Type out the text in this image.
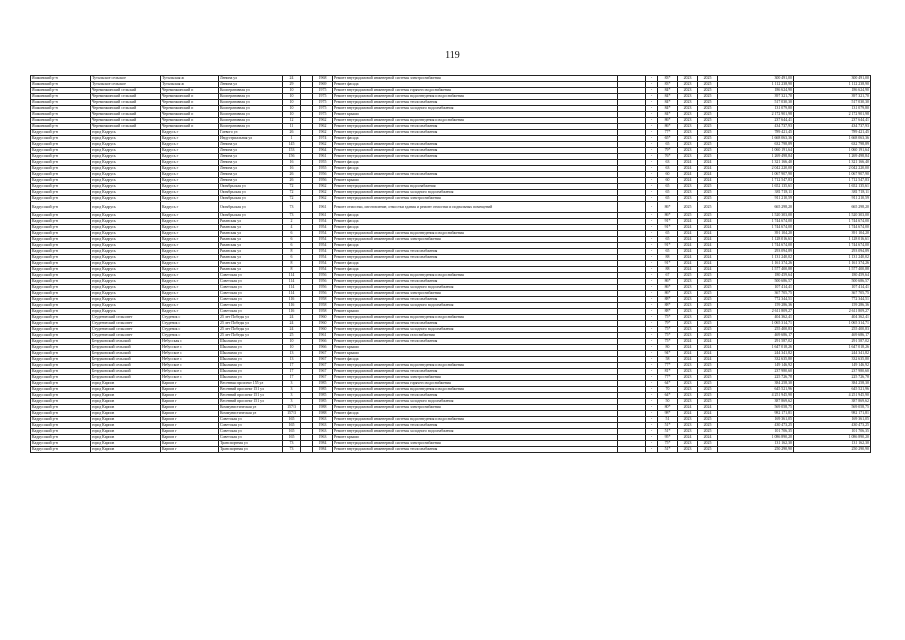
119
Яшкинский р-н	Тутальское сельское	Тутальская ж	Ленина ул	24		1968	Ремонт внутридомовой инженерной системы электроснабжения		-	83*	2023	2025	300 491,00	300 491,00
Яшкинский р-н	Тутальское сельское	Тутальская ж	Ленина ул	29		1969	Ремонт фасада		-	83*	2023	2025	1 112 238,90	1 112 238,90
Яшкинский р-н	Черемичкинский сельский	Черемичкинский п	Кооперативная ул	10		1975	Ремонт внутридомовой инженерной системы горячего водоснабжения		-	84*	2023	2025	186 624,90	186 624,90
Яшкинский р-н	Черемичкинский сельский	Черемичкинский п	Кооперативная ул	10		1975	Ремонт внутридомовой инженерной системы водоотведения и водоснабжения		-	84*	2023	2025	397 321,70	397 321,70
Яшкинский р-н	Черемичкинский сельский	Черемичкинский п	Кооперативная ул	10		1975	Ремонт внутридомовой инженерной системы теплоснабжения		-	84*	2023	2025	517 030,30	517 030,30
Яшкинский р-н	Черемичкинский сельский	Черемичкинский п	Кооперативная ул	10		1975	Ремонт внутридомовой инженерной системы холодного водоснабжения		-	84*	2023	2025	131 079,80	131 079,80
Яшкинский р-н	Черемичкинский сельский	Черемичкинский п	Кооперативная ул	10		1975	Ремонт крыши		-	84*	2023	2025	2 172 901,98	2 172 901,98
Яшкинский р-н	Черемичкинский сельский	Черемичкинский п	Кооперативная ул	12		1962	Ремонт внутридомовой инженерной системы водоотведения и водоснабжения		-	86*	2023	2025	237 644,41	237 644,41
Яшкинский р-н	Черемичкинский сельский	Черемичкинский п	Кооперативная ул	11		1962	Ремонт внутридомовой инженерной системы теплоснабжения		-	86*	2023	2025	434 737,93	434 737,93
Кадрусский р-н	город Кадрусь	Кадрусь г	Гаевого ул	26		1962	Ремонт внутридомовой инженерной системы теплоснабжения		-	77*	2023	2025	789 421,45	789 421,45
Кадрусский р-н	город Кадрусь	Кадрусь г	Индустриальная ул	1		1974	Ремонт фасада		-	65*	2023	2025	1 668 063,36	1 668 063,36
Кадрусский р-н	город Кадрусь	Кадрусь г	Ленина ул	145		1962	Ремонт внутридомовой инженерной системы теплоснабжения		-	65	2023	2025	632 798,89	632 798,89
Кадрусский р-н	город Кадрусь	Кадрусь г	Ленина ул	153		1964	Ремонт внутридомовой инженерной системы теплоснабжения		-	79*	2023	2025	1 060 191,64	1 060 191,64
Кадрусский р-н	город Кадрусь	Кадрусь г	Ленина ул	156		1961	Ремонт внутридомовой инженерной системы теплоснабжения		-	76*	2023	2025	1 269 498,84	1 269 498,84
Кадрусский р-н	город Кадрусь	Кадрусь г	Ленина ул	16		1955	Ремонт фасада		-	63	2024	2024	1 321 166,40	1 321 166,40
Кадрусский р-н	город Кадрусь	Кадрусь г	Ленина ул	16		1955	Ремонт фасада		-	63	2024	2024	2 042 220,00	2 042 220,00
Кадрусский р-н	город Кадрусь	Кадрусь г	Ленина ул	26		1956	Ремонт внутридомовой инженерной системы теплоснабжения		-	60	2024	2024	1 067 907,90	1 067 907,90
Кадрусский р-н	город Кадрусь	Кадрусь г	Ленина ул	26		1956	Ремонт крыши		-	60	2024	2024	1 712 547,83	1 712 547,83
Кадрусский р-н	город Кадрусь	Кадрусь г	Октябрьская ул	72		1962	Ремонт внутридомовой инженерной системы водоснабжения		-	65	2023	2025	1 652 135,61	1 652 135,61
Кадрусский р-н	город Кадрусь	Кадрусь г	Октябрьская ул	72		1962	Ремонт внутридомовой инженерной системы холодного водоснабжения		-	65	2023	2025	381 718,11	381 718,11
Кадрусский р-н	город Кадрусь	Кадрусь г	Октябрьская ул	72		1962	Ремонт внутридомовой инженерной системы электроснабжения		-	65	2023	2025	911 210,59	911 210,59
Кадрусский р-н	город Кадрусь	Кадрусь г	Октябрьская ул	73		1961	Ремонт отмостки, изготовление, отмостки здания и ремонт отмостки и подвальных помещений		-	86*	2025	2025	665 298,20	665 298,20
Кадрусский р-н	город Кадрусь	Кадрусь г	Октябрьская ул	73		1961	Ремонт фасада		-	86*	2025	2025	1 520 303,00	1 520 303,00
Кадрусский р-н	город Кадрусь	Кадрусь г	Рязанская ул	2		1954	Ремонт фасада		-	91*	2024	2024	1 744 674,00	1 744 674,00
Кадрусский р-н	город Кадрусь	Кадрусь г	Рязанская ул	4		1954	Ремонт фасада		-	91*	2024	2024	1 744 674,00	1 744 674,00
Кадрусский р-н	город Кадрусь	Кадрусь г	Рязанская ул	6		1954	Ремонт внутридомовой инженерной системы водоотведения и водоснабжения		-	65	2024	2024	391 104,20	391 104,20
Кадрусский р-н	город Кадрусь	Кадрусь г	Рязанская ул	6		1954	Ремонт внутридомовой инженерной системы электроснабжения		-	65	2024	2024	1 128 016,61	1 128 016,61
Кадрусский р-н	город Кадрусь	Кадрусь г	Рязанская ул	6		1954	Ремонт фасада		-	91*	2024	2024	1 744 674,00	1 744 674,00
Кадрусский р-н	город Кадрусь	Кадрусь г	Рязанская ул	8		1954	Ремонт внутридомовой инженерной системы теплоснабжения		-	65	2024	2024	293 094,89	293 094,89
Кадрусский р-н	город Кадрусь	Кадрусь г	Рязанская ул	6		1954	Ремонт внутридомовой инженерной системы теплоснабжения		-	88	2024	2024	1 131 240,02	1 131 240,02
Кадрусский р-н	город Кадрусь	Кадрусь г	Рязанская ул	8		1954	Ремонт фасада		-	91*	2024	2024	1 161 374,26	1 161 374,26
Кадрусский р-н	город Кадрусь	Кадрусь г	Рязанская ул	8		1954	Ремонт фасада		-	88	2024	2024	1 577 400,88	1 577 400,88
Кадрусский р-н	город Кадрусь	Кадрусь г	Советская ул	114		1956	Ремонт внутридомовой инженерной системы водоотведения и водоснабжения		-	67	2025	2025	180 459,64	180 459,64
Кадрусский р-н	город Кадрусь	Кадрусь г	Советская ул	114		1956	Ремонт внутридомовой инженерной системы теплоснабжения		-	86*	2023	2025	500 686,57	500 686,57
Кадрусский р-н	город Кадрусь	Кадрусь г	Советская ул	114		1956	Ремонт внутридомовой инженерной системы холодного водоснабжения		-	86*	2023	2025	107 414,41	107 414,41
Кадрусский р-н	город Кадрусь	Кадрусь г	Советская ул	114		1956	Ремонт внутридомовой инженерной системы электроснабжения		-	86*	2023	2025	367 705,75	367 705,75
Кадрусский р-н	город Кадрусь	Кадрусь г	Советская ул	116		1958	Ремонт внутридомовой инженерной системы теплоснабжения		-	88*	2023	2025	772 344,51	772 344,51
Кадрусский р-н	город Кадрусь	Кадрусь г	Советская ул	116		1958	Ремонт внутридомовой инженерной системы холодного водоснабжения		-	88*	2023	2025	159 286,36	159 286,36
Кадрусский р-н	город Кадрусь	Кадрусь г	Советская ул	116		1958	Ремонт крыши		-	88*	2023	2025	2 611 809,27	2 611 809,27
Кадрусский р-н	Студенческий сельсовет	Студенок с	25 лет Победы ул	24		1960	Ремонт внутридомовой инженерной системы водоотведения и водоснабжения		-	75*	2023	2025	404 362,41	404 362,41
Кадрусский р-н	Студенческий сельсовет	Студенок с	25 лет Победы ул	24		1960	Ремонт внутридомовой инженерной системы теплоснабжения		-	79*	2023	2025	1 065 314,71	1 065 314,71
Кадрусский р-н	Студенческий сельсовет	Студенок с	25 лет Победы ул	24		1960	Ремонт внутридомовой инженерной системы холодного водоснабжения		-	75*	2023	2025	255 400,83	255 400,83
Кадрусский р-н	Студенческий сельсовет	Студенок с	25 лет Победы ул	25		1961	Ремонт внутридомовой инженерной системы газоснабжения		-	75*	2023	2025	469 686,17	469 686,17
Кадрусский р-н	Безруковский сельский	Небусская с	Школьная ул	10		1966	Ремонт внутридомовой инженерной системы теплоснабжения		-	75*	2024	2024	291 587,02	291 587,02
Кадрусский р-н	Безруковский сельский	Небусское с	Школьная ул	10		1966	Ремонт крыши		-	80	2024	2024	1 647 018,26	1 647 018,26
Кадрусский р-н	Безруковский сельский	Небусское с	Школьная ул	13		1967	Ремонт крыши		-	94*	2024	2024	244 341,82	244 341,82
Кадрусский р-н	Безруковский сельский	Небусское с	Школьная ул	13		1967	Ремонт фасада		-	58	2024	2024	332 635,80	332 635,80
Кадрусский р-н	Безруковский сельский	Небусское с	Школьная ул	17		1967	Ремонт внутридомовой инженерной системы водоотведения и водоснабжения		-	77*	2023	2025	149 146,92	149 146,92
Кадрусский р-н	Безруковский сельский	Небусское с	Школьная ул	17		1967	Ремонт внутридомовой инженерной системы теплоснабжения		-	81*	2023	2025	237 980,60	237 980,60
Кадрусский р-н	Безруковский сельский	Небусское с	Школьная ул	17		1967	Ремонт внутридомовой инженерной системы электроснабжения		-	77*	2023	2025	225 726,78	225 726,78
Кадрусский р-н	город Карпов	Карпов г	Весенняя проспект 155 ул	3		1985	Ремонт внутридомовой инженерной системы горячего водоснабжения		-	64*	2023	2025	384 258,30	384 258,30
Кадрусский р-н	город Карпов	Карпов г	Весенний проспект 151 ул	3		1985	Ремонт внутридомовой инженерной системы водоотведения и водоснабжения		-	70	2023	2025	645 521,96	645 521,96
Кадрусский р-н	город Карпов	Карпов г	Весенний проспект 151 ул	3		1985	Ремонт внутридомовой инженерной системы теплоснабжения		-	64*	2023	2025	4 251 945,90	4 251 945,90
Кадрусский р-н	город Карпов	Карпов г	Весенний проспект 151 ул	3		1985	Ремонт внутридомовой инженерной системы холодного водоснабжения		-	50	2023	2025	387 869,62	387 869,62
Кадрусский р-н	город Карпов	Карпов г	Коммунистическая ул	157/3		1988	Ремонт внутридомовой инженерной системы электроснабжения		-	80*	2024	2024	569 058,75	569 058,75
Кадрусский р-н	город Карпов	Карпов г	Коммунистическая ул	157/3		1988	Ремонт фасада		-	98*	2024	2024	982 171,81	982 171,81
Кадрусский р-н	город Карпов	Карпов г	Советская ул	165		1963	Ремонт внутридомовой инженерной системы водоотведения и водоснабжения		-	51	2023	2025	169 361,05	169 361,05
Кадрусский р-н	город Карпов	Карпов г	Советская ул	165		1963	Ремонт внутридомовой инженерной системы теплоснабжения		-	51*	2023	2025	430 473,25	430 473,25
Кадрусский р-н	город Карпов	Карпов г	Советская ул	165		1963	Ремонт внутридомовой инженерной системы холодного водоснабжения		-	51*	2023	2025	101 706,35	101 706,35
Кадрусский р-н	город Карпов	Карпов г	Советская ул	165		1963	Ремонт крыши		-	95*	2024	2024	1 086 890,20	1 086 890,20
Кадрусский р-н	город Карпов	Карпов г	Транспортная ул	73		1984	Ремонт внутридомовой инженерной системы электроснабжения		-	75*	2023	2025	131 162,30	131 162,30
Кадрусский р-н	город Карпов	Карпов г	Транспортная ул	73		1984	Ремонт внутридомовой инженерной системы теплоснабжения		-	51*	2023	2025	250 290,90	250 290,90
